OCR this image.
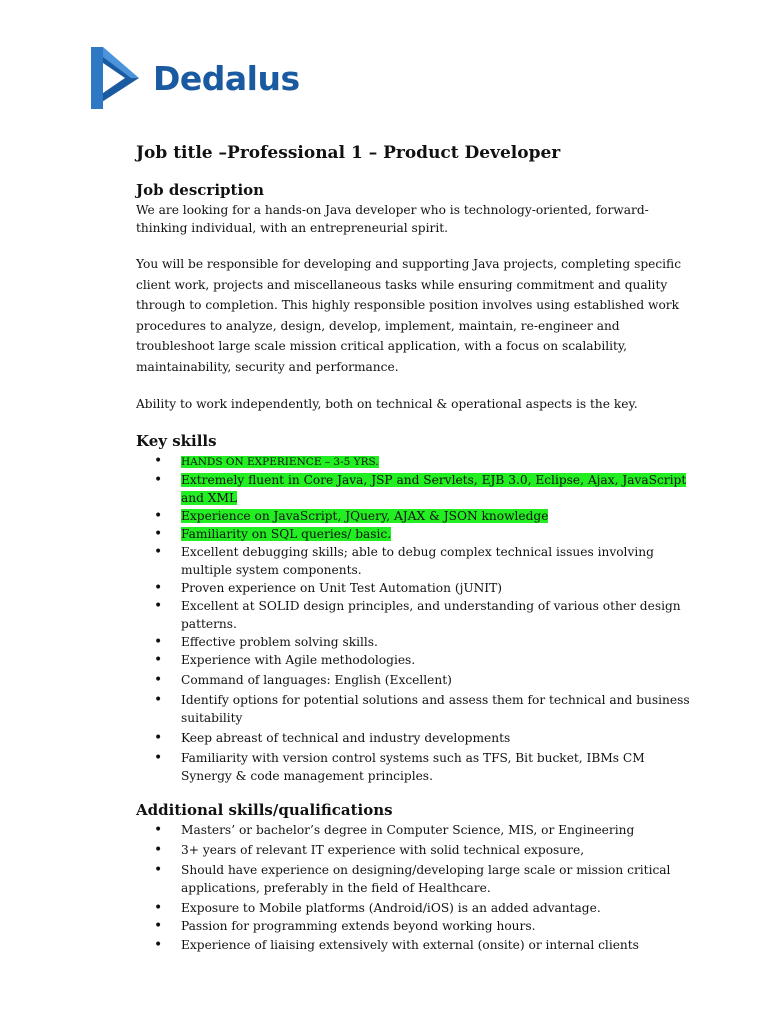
Dedalus
Job title –Professional 1 – Product Developer
Job description

We are looking for a hands-on Java developer who is technology-oriented, forward-thinking individual, with an entrepreneurial spirit.

You will be responsible for developing and supporting Java projects, completing specific client work, projects and miscellaneous tasks while ensuring commitment and quality through to completion. This highly responsible position involves using established work procedures to analyze, design, develop, implement, maintain, re-engineer and troubleshoot large scale mission critical application, with a focus on scalability, maintainability, security and performance.

Ability to work independently, both on technical & operational aspects is the key.

Key skills
• HANDS ON EXPERIENCE – 3-5 YRS.
• Extremely fluent in Core Java, JSP and Servlets, EJB 3.0, Eclipse, Ajax, JavaScript and XML
• Experience on JavaScript, JQuery, AJAX & JSON knowledge
• Familiarity on SQL queries/ basic.
• Excellent debugging skills; able to debug complex technical issues involving multiple system components.
• Proven experience on Unit Test Automation (jUNIT)
• Excellent at SOLID design principles, and understanding of various other design patterns.
• Effective problem solving skills.
• Experience with Agile methodologies.
• Command of languages: English (Excellent)
• Identify options for potential solutions and assess them for technical and business suitability
• Keep abreast of technical and industry developments
• Familiarity with version control systems such as TFS, Bit bucket, IBMs CM Synergy & code management principles.
Additional skills/qualifications
• Masters’ or bachelor’s degree in Computer Science, MIS, or Engineering
• 3+ years of relevant IT experience with solid technical exposure,
• Should have experience on designing/developing large scale or mission critical applications, preferably in the field of Healthcare.
• Exposure to Mobile platforms (Android/iOS) is an added advantage.
• Passion for programming extends beyond working hours.
• Experience of liaising extensively with external (onsite) or internal clients
